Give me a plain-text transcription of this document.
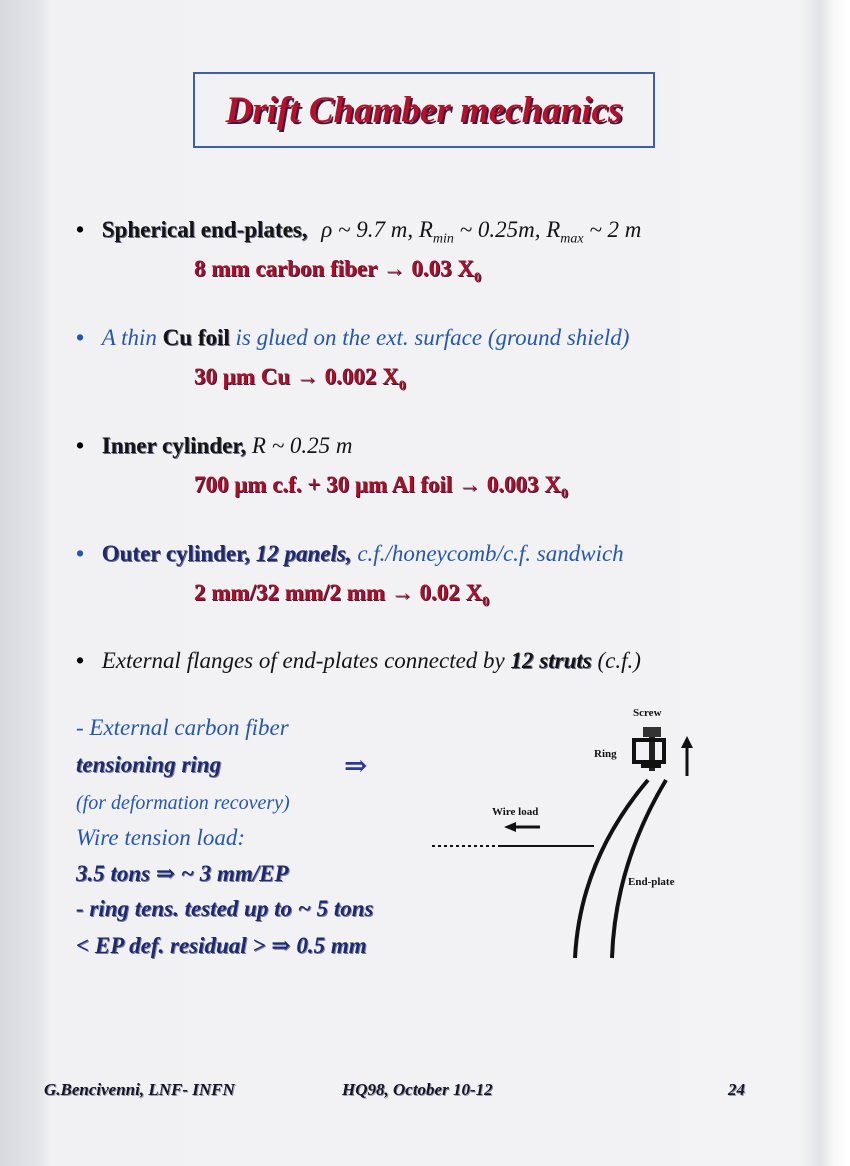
Drift Chamber mechanics
• Spherical end-plates, ρ ~ 9.7 m, $R_{min}$ ~ 0.25m, $R_{max}$ ~ 2 m
8 mm carbon fiber → 0.03 $X_0$
• A thin Cu foil is glued on the ext. surface (ground shield)
30 μm Cu → 0.002 $X_0$
• Inner cylinder, R ~ 0.25 m
700 μm c.f. + 30 μm Al foil → 0.003 $X_0$
• Outer cylinder, 12 panels, c.f./honeycomb/c.f. sandwich
2 mm/32 mm/2 mm → 0.02 $X_0$
• External flanges of end-plates connected by 12 struts (c.f.)
- External carbon fiber
tensioning ring	⇒
(for deformation recovery)
Wire tension load:
3.5 tons ⇒ ~ 3 mm/EP
- ring tens. tested up to ~ 5 tons
< EP def. residual > ⇒ 0.5 mm
Screw
Ring
Wire load
End-plate
G.Bencivenni, LNF- INFN	HQ98, October 10-12	24
